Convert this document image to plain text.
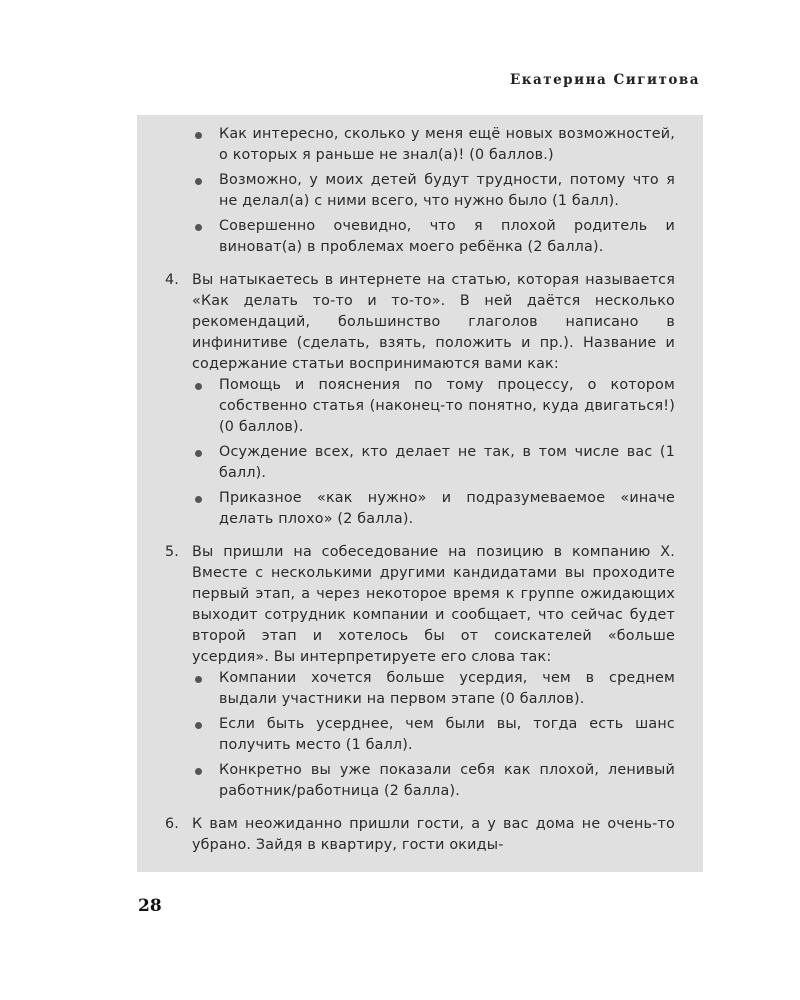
Екатерина Сигитова
Как интересно, сколько у меня ещё новых возможностей, о которых я раньше не знал(а)! (0 баллов.)
Возможно, у моих детей будут трудности, потому что я не делал(а) с ними всего, что нужно было (1 балл).
Совершенно очевидно, что я плохой родитель и виноват(а) в проблемах моего ребёнка (2 балла).
4. Вы натыкаетесь в интернете на статью, которая называется «Как делать то-то и то-то». В ней даётся несколько рекомендаций, большинство глаголов написано в инфинитиве (сделать, взять, положить и пр.). Название и содержание статьи воспринимаются вами как:
Помощь и пояснения по тому процессу, о котором собственно статья (наконец-то понятно, куда двигаться!) (0 баллов).
Осуждение всех, кто делает не так, в том числе вас (1 балл).
Приказное «как нужно» и подразумеваемое «иначе делать плохо» (2 балла).
5. Вы пришли на собеседование на позицию в компанию X. Вместе с несколькими другими кандидатами вы проходите первый этап, а через некоторое время к группе ожидающих выходит сотрудник компании и сообщает, что сейчас будет второй этап и хотелось бы от соискателей «больше усердия». Вы интерпретируете его слова так:
Компании хочется больше усердия, чем в среднем выдали участники на первом этапе (0 баллов).
Если быть усерднее, чем были вы, тогда есть шанс получить место (1 балл).
Конкретно вы уже показали себя как плохой, ленивый работник/работница (2 балла).
6. К вам неожиданно пришли гости, а у вас дома не очень-то убрано. Зайдя в квартиру, гости окиды-
28
